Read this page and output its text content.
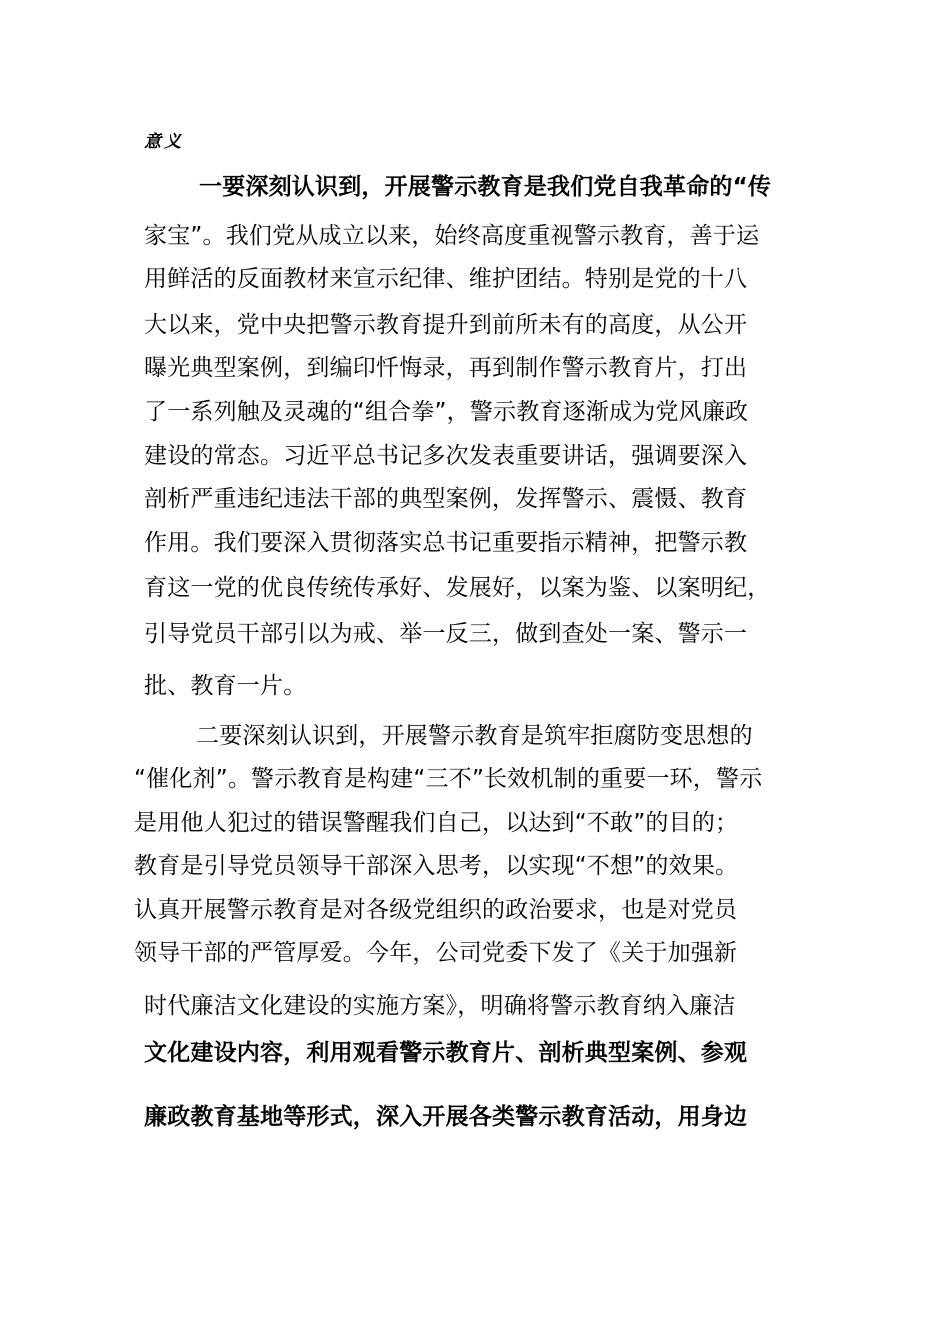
意义
一要深刻认识到，开展警示教育是我们党自我革命的“传
家宝”。我们党从成立以来，始终高度重视警示教育，善于运
用鲜活的反面教材来宣示纪律、维护团结。特别是党的十八
大以来，党中央把警示教育提升到前所未有的高度，从公开
曝光典型案例，到编印忏悔录，再到制作警示教育片，打出
了一系列触及灵魂的“组合拳”，警示教育逐渐成为党风廉政
建设的常态。习近平总书记多次发表重要讲话，强调要深入
剖析严重违纪违法干部的典型案例，发挥警示、震慑、教育
作用。我们要深入贯彻落实总书记重要指示精神，把警示教
育这一党的优良传统传承好、发展好，以案为鉴、以案明纪，
引导党员干部引以为戒、举一反三，做到查处一案、警示一
批、教育一片。
二要深刻认识到，开展警示教育是筑牢拒腐防变思想的
“催化剂”。警示教育是构建“三不”长效机制的重要一环，警示
是用他人犯过的错误警醒我们自己，以达到“不敢”的目的；
教育是引导党员领导干部深入思考，以实现“不想”的效果。
认真开展警示教育是对各级党组织的政治要求，也是对党员
领导干部的严管厚爱。今年，公司党委下发了《关于加强新
时代廉洁文化建设的实施方案》，明确将警示教育纳入廉洁
文化建设内容，利用观看警示教育片、剖析典型案例、参观
廉政教育基地等形式，深入开展各类警示教育活动，用身边
